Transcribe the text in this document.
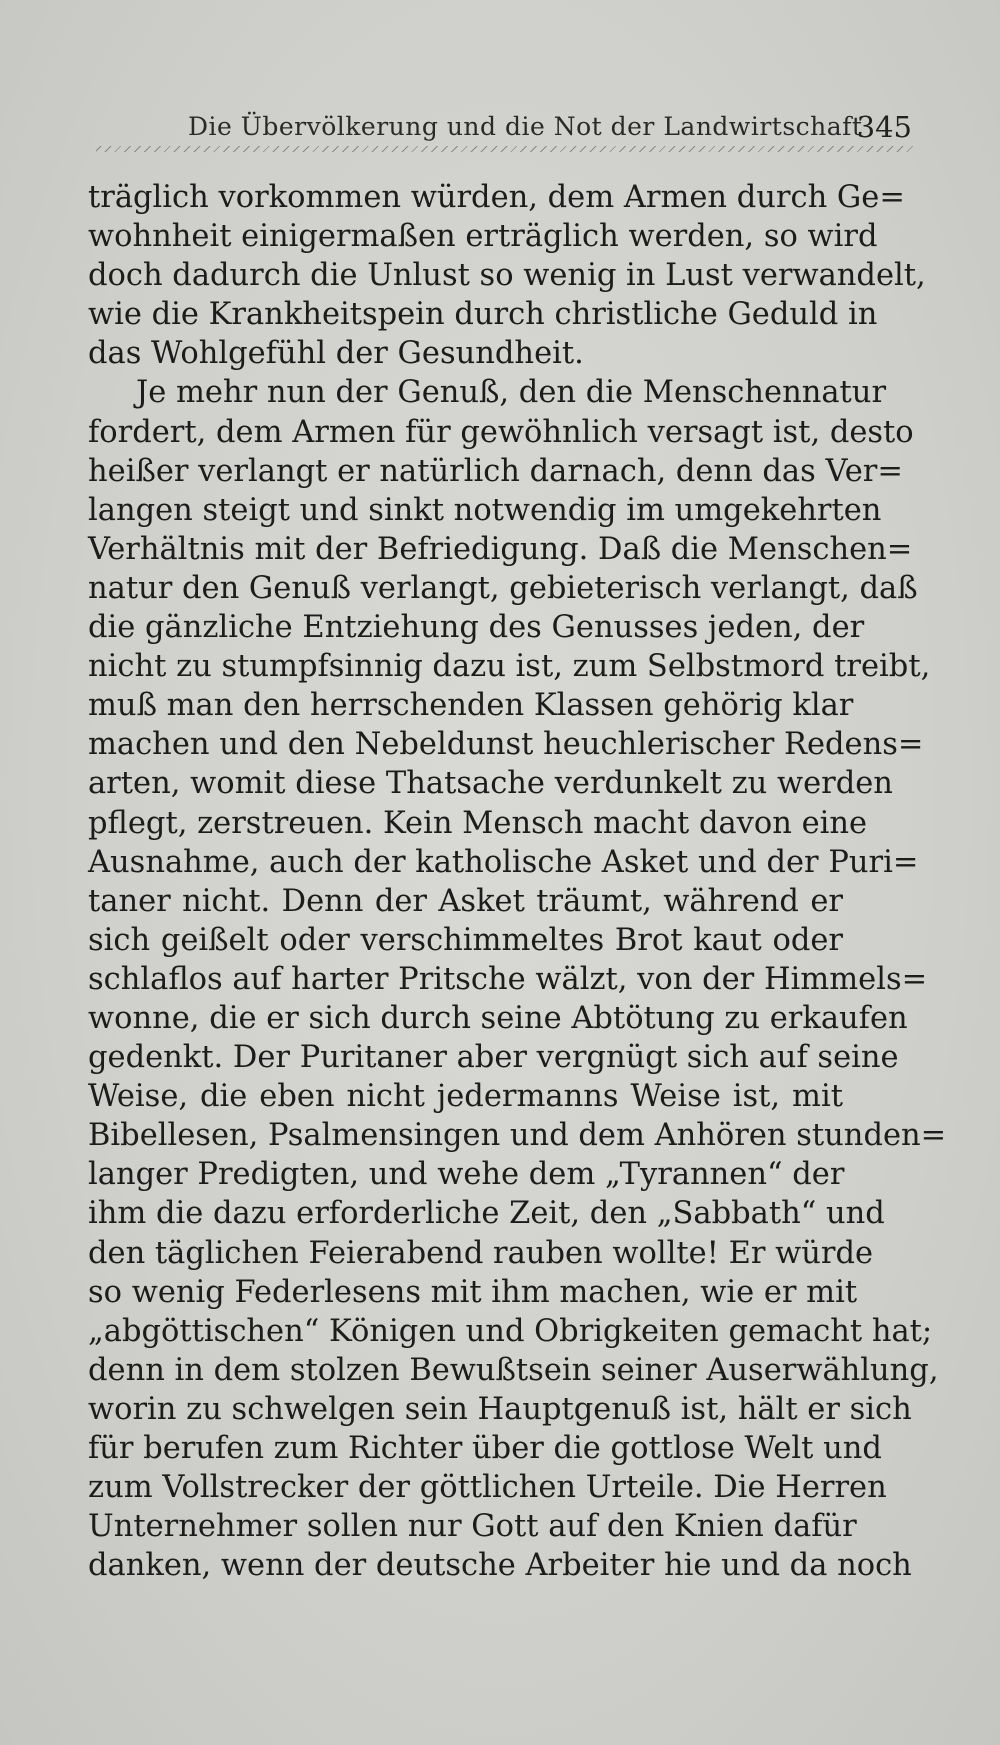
Die Übervölkerung und die Not der Landwirtschaft
345
träglich vorkommen würden, dem Armen durch Ge=
wohnheit einigermaßen erträglich werden, so wird
doch dadurch die Unlust so wenig in Lust verwandelt,
wie die Krankheitspein durch christliche Geduld in
das Wohlgefühl der Gesundheit.
Je mehr nun der Genuß, den die Menschennatur
fordert, dem Armen für gewöhnlich versagt ist, desto
heißer verlangt er natürlich darnach, denn das Ver=
langen steigt und sinkt notwendig im umgekehrten
Verhältnis mit der Befriedigung. Daß die Menschen=
natur den Genuß verlangt, gebieterisch verlangt, daß
die gänzliche Entziehung des Genusses jeden, der
nicht zu stumpfsinnig dazu ist, zum Selbstmord treibt,
muß man den herrschenden Klassen gehörig klar
machen und den Nebeldunst heuchlerischer Redens=
arten, womit diese Thatsache verdunkelt zu werden
pflegt, zerstreuen. Kein Mensch macht davon eine
Ausnahme, auch der katholische Asket und der Puri=
taner nicht. Denn der Asket träumt, während er
sich geißelt oder verschimmeltes Brot kaut oder
schlaflos auf harter Pritsche wälzt, von der Himmels=
wonne, die er sich durch seine Abtötung zu erkaufen
gedenkt. Der Puritaner aber vergnügt sich auf seine
Weise, die eben nicht jedermanns Weise ist, mit
Bibellesen, Psalmensingen und dem Anhören stunden=
langer Predigten, und wehe dem „Tyrannen“ der
ihm die dazu erforderliche Zeit, den „Sabbath“ und
den täglichen Feierabend rauben wollte! Er würde
so wenig Federlesens mit ihm machen, wie er mit
„abgöttischen“ Königen und Obrigkeiten gemacht hat;
denn in dem stolzen Bewußtsein seiner Auserwählung,
worin zu schwelgen sein Hauptgenuß ist, hält er sich
für berufen zum Richter über die gottlose Welt und
zum Vollstrecker der göttlichen Urteile. Die Herren
Unternehmer sollen nur Gott auf den Knien dafür
danken, wenn der deutsche Arbeiter hie und da noch
